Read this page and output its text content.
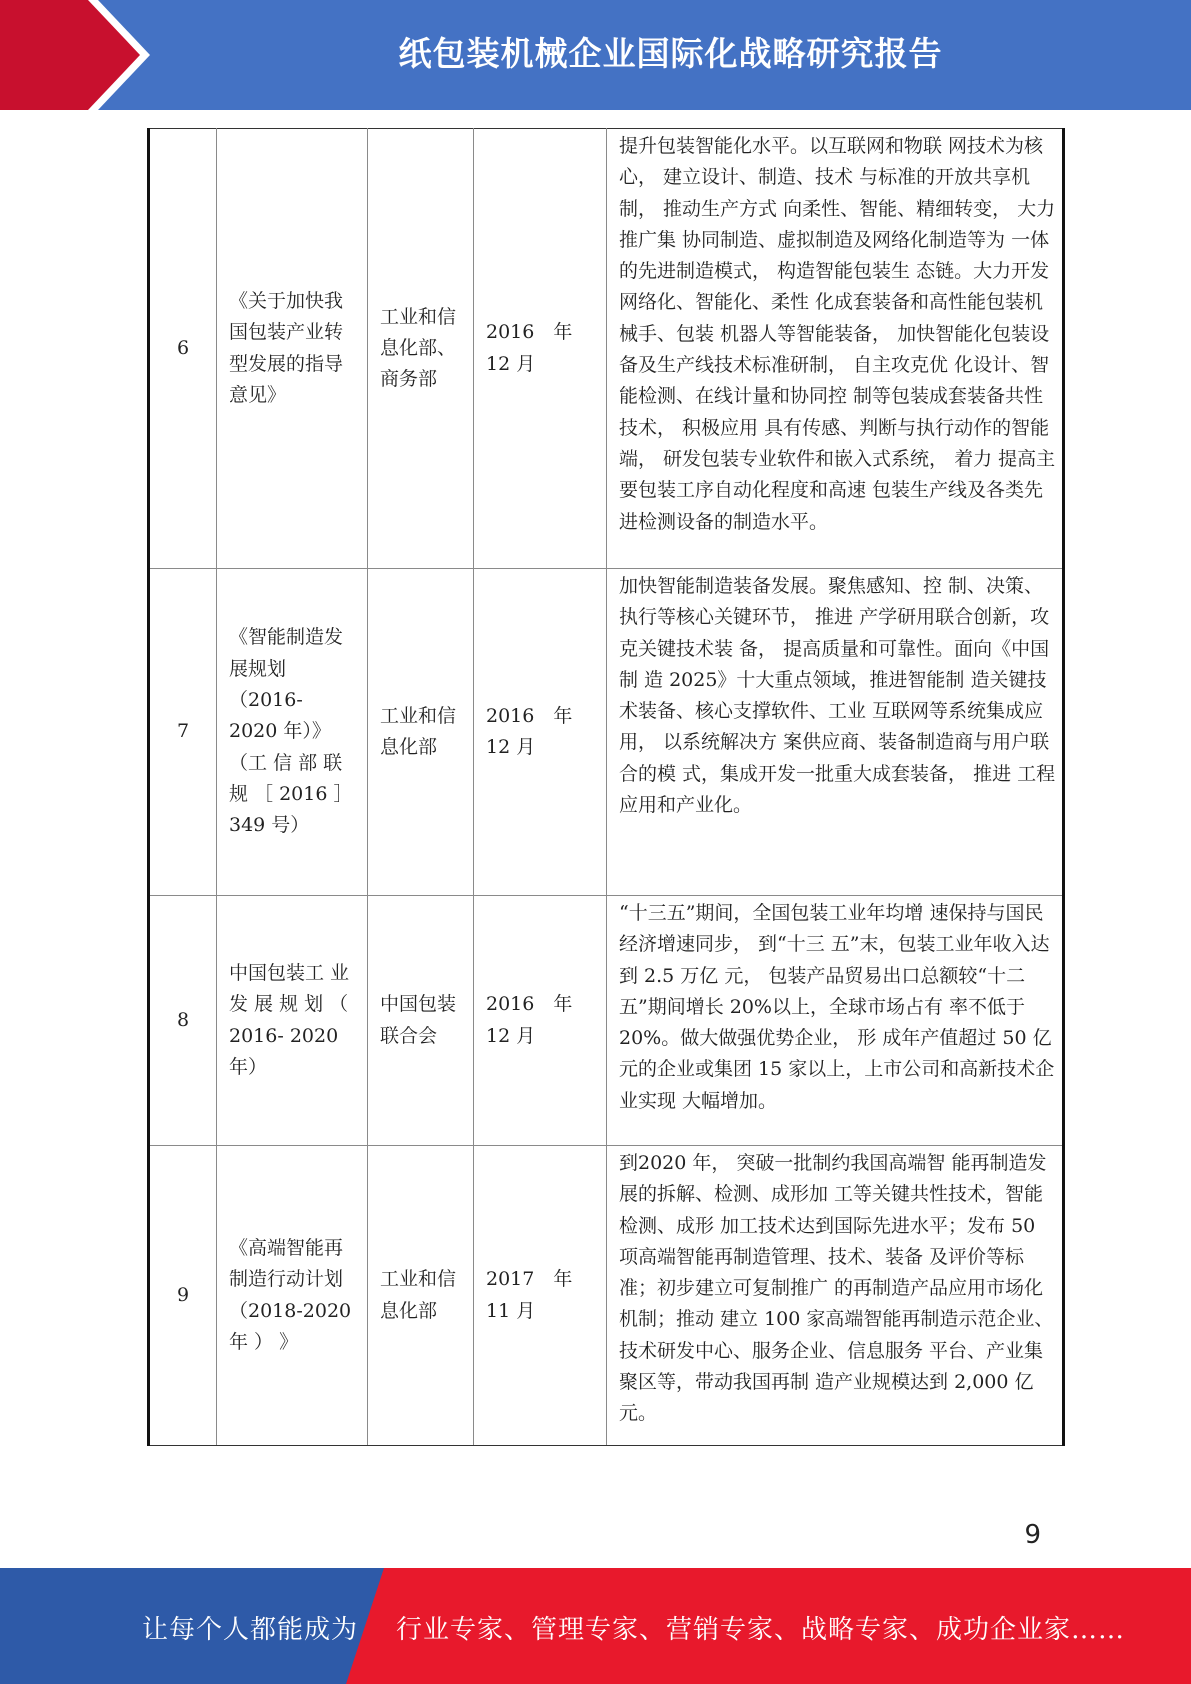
纸包装机械企业国际化战略研究报告
6	《关于加快我 国包装产业转 型发展的指导 意见》	工业和信 息化部、 商务部	2016　年 12 月	提升包装智能化水平。以互联网和物联 网技术为核心， 建立设计、制造、技术 与标准的开放共享机制， 推动生产方式 向柔性、智能、精细转变， 大力推广集 协同制造、虚拟制造及网络化制造等为 一体的先进制造模式， 构造智能包装生 态链。大力开发网络化、智能化、柔性 化成套装备和高性能包装机械手、包装 机器人等智能装备， 加快智能化包装设 备及生产线技术标准研制， 自主攻克优 化设计、智能检测、在线计量和协同控 制等包装成套装备共性技术， 积极应用 具有传感、判断与执行动作的智能端， 研发包装专业软件和嵌入式系统， 着力 提高主要包装工序自动化程度和高速 包装生产线及各类先进检测设备的制造水平。
7	《智能制造发 展规划（2016- 2020 年）》（工 信 部 联 规 ［ 2016 ］ 349 号）	工业和信息化部	2016　年 12 月	加快智能制造装备发展。聚焦感知、控 制、决策、执行等核心关键环节， 推进 产学研用联合创新，攻克关键技术装 备， 提高质量和可靠性。面向《中国制 造 2025》十大重点领域，推进智能制 造关键技术装备、核心支撑软件、工业 互联网等系统集成应用， 以系统解决方 案供应商、装备制造商与用户联合的模 式，集成开发一批重大成套装备， 推进 工程应用和产业化。
8	中国包装工 业 发 展 规 划 （ 2016- 2020 年）	中国包装联合会	2016　年 12 月	“十三五”期间，全国包装工业年均增 速保持与国民经济增速同步， 到“十三 五”末，包装工业年收入达到 2.5 万亿 元， 包装产品贸易出口总额较“十二 五”期间增长 20%以上，全球市场占有 率不低于 20%。做大做强优势企业， 形 成年产值超过 50 亿元的企业或集团 15 家以上，上市公司和高新技术企业实现 大幅增加。
9	《高端智能再 制造行动计划 （2018-2020 年 ） 》	工业和信息化部	2017　年 11 月	到2020 年， 突破一批制约我国高端智 能再制造发展的拆解、检测、成形加 工等关键共性技术，智能检测、成形 加工技术达到国际先进水平；发布 50 项高端智能再制造管理、技术、装备 及评价等标准；初步建立可复制推广 的再制造产品应用市场化机制；推动 建立 100 家高端智能再制造示范企业、 技术研发中心、服务企业、信息服务 平台、产业集聚区等，带动我国再制 造产业规模达到 2,000 亿元。
9
让每个人都能成为 行业专家、管理专家、营销专家、战略专家、成功企业家……
